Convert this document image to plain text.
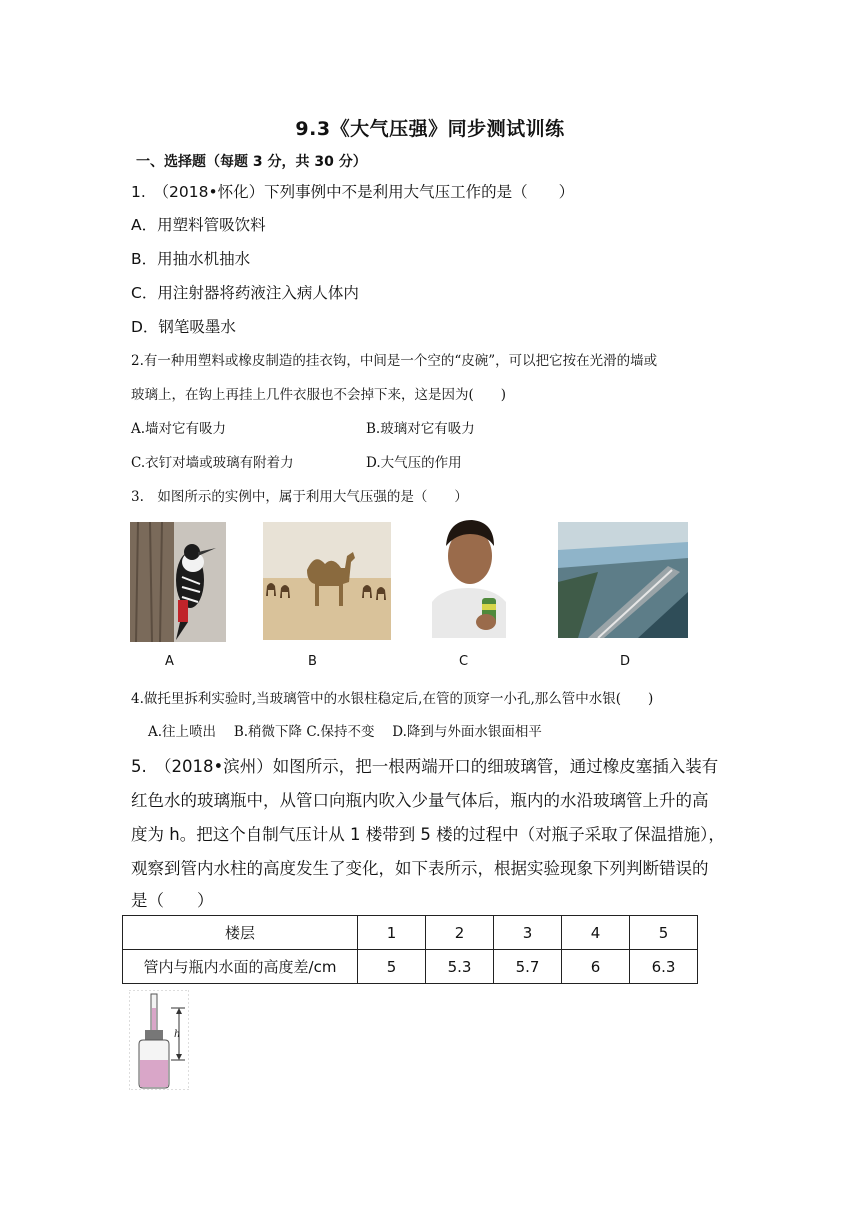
9.3《大气压强》同步测试训练
一、选择题（每题 3 分，共 30 分）
1.　（2018•怀化）下列事例中不是利用大气压工作的是（　　）
A．用塑料管吸饮料
B．用抽水机抽水
C．用注射器将药液注入病人体内
D．钢笔吸墨水
2.有一种用塑料或橡皮制造的挂衣钩，中间是一个空的“皮碗”，可以把它按在光滑的墙或
玻璃上，在钩上再挂上几件衣服也不会掉下来，这是因为(　　)
A.墙对它有吸力	B.玻璃对它有吸力
C.衣钉对墙或玻璃有附着力	D.大气压的作用
3.　如图所示的实例中，属于利用大气压强的是（　　）
A	B	C	D
4.做托里拆利实验时,当玻璃管中的水银柱稳定后,在管的顶穿一小孔,那么管中水银(　　)
A.往上喷出　 B.稍微下降 C.保持不变　 D.降到与外面水银面相平
5.　（2018•滨州）如图所示，把一根两端开口的细玻璃管，通过橡皮塞插入装有
红色水的玻璃瓶中，从管口向瓶内吹入少量气体后，瓶内的水沿玻璃管上升的高
度为 h。把这个自制气压计从 1 楼带到 5 楼的过程中（对瓶子采取了保温措施），
观察到管内水柱的高度发生了变化，如下表所示，根据实验现象下列判断错误的
是（　　）
楼层	1	2	3	4	5
管内与瓶内水面的高度差/cm	5	5.3	5.7	6	6.3
h
